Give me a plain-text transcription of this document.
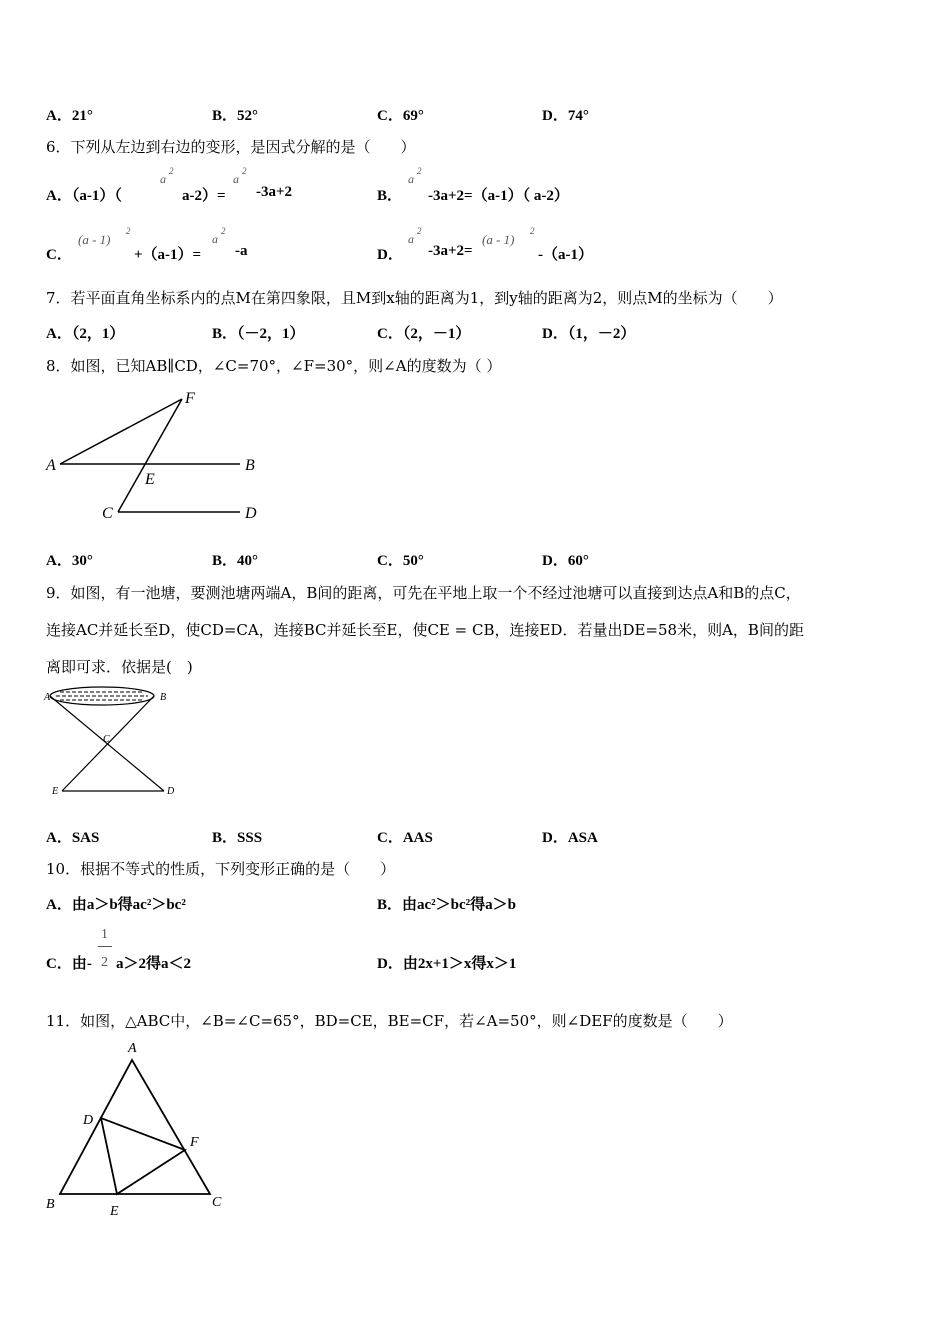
A．21°	B．52°	C．69°	D．74°
6．下列从左边到右边的变形，是因式分解的是（　　）
A．（a-1）（
a
2
a-2）=
a
2
-3a+2	B．
a
2
-3a+2=（a-1）（ a-2）
C．
(a - 1)
2
+（a-1）=
a
2
-a	D．
a
2
-3a+2=
(a - 1)
2
-（a-1）
7．若平面直角坐标系内的点M在第四象限，且M到x轴的距离为1，到y轴的距离为2，则点M的坐标为（　　）
A．（2，1）	B．（－2，1）	C．（2，－1）	D．（1，－2）
8．如图，已知AB∥CD，∠C=70°，∠F=30°，则∠A的度数为（ ）
A	B
C	D
E
F
A．30°	B．40°	C．50°	D．60°
9．如图，有一池塘，要测池塘两端A，B间的距离，可先在平地上取一个不经过池塘可以直接到达点A和B的点C，
连接AC并延长至D，使CD=CA，连接BC并延长至E，使CE = CB，连接ED．若量出DE=58米，则A，B间的距
离即可求．依据是(　)
A	B
C
D
E
A．SAS	B．SSS	C．AAS	D．ASA
10．根据不等式的性质，下列变形正确的是（　　）
A．由a＞b得ac²＞bc²	B．由ac²＞bc²得a＞b
C．由-
1
2 a＞2得a＜2	D．由2x+1＞x得x＞1
11．如图，△ABC中，∠B=∠C=65°，BD=CE，BE=CF，若∠A=50°，则∠DEF的度数是（　　）
A
B	C
D
E
F
